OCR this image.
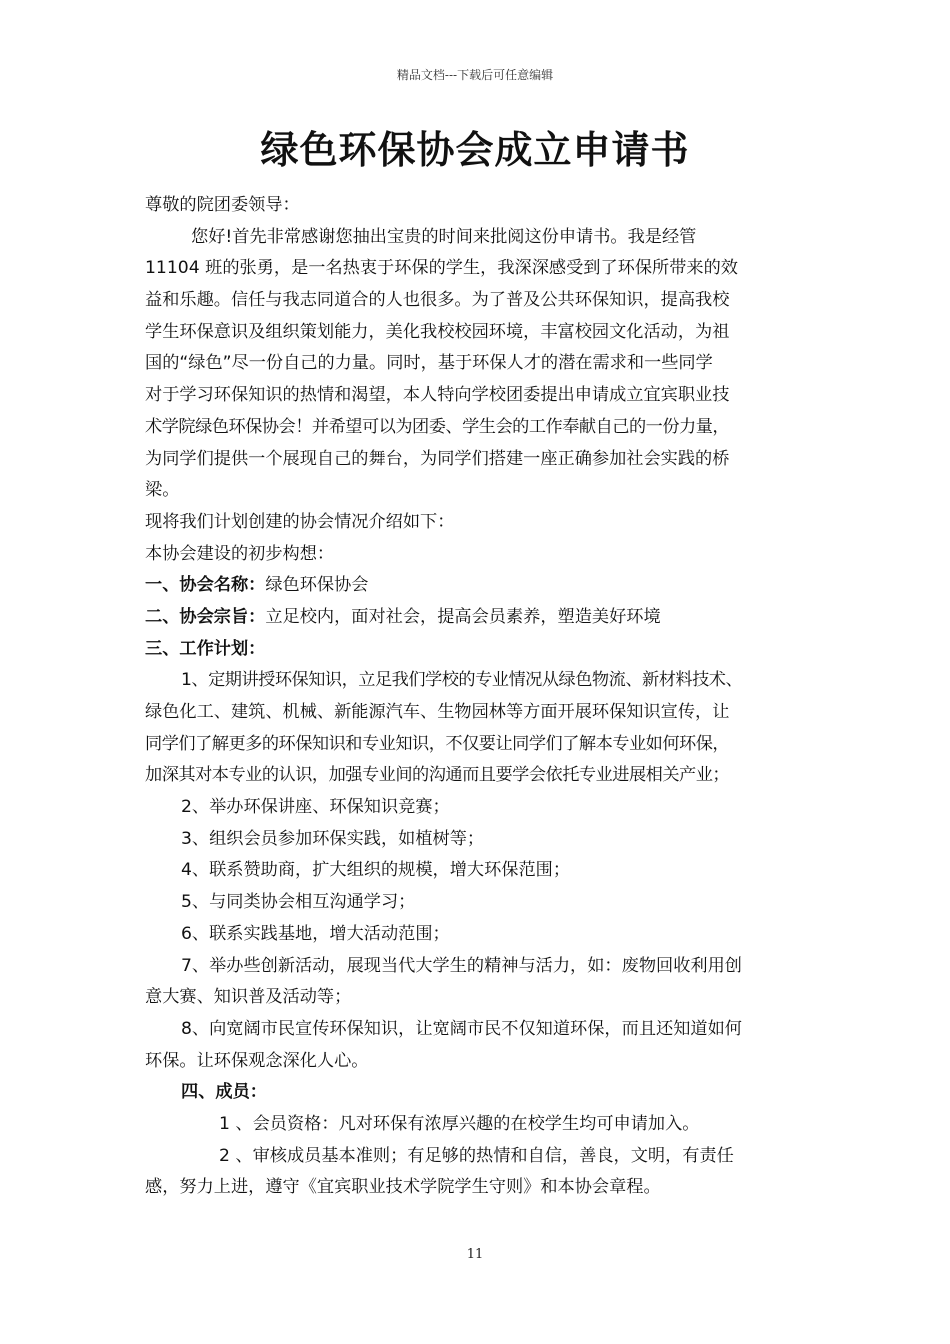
精品文档---下载后可任意编辑
绿色环保协会成立申请书
尊敬的院团委领导：
您好!首先非常感谢您抽出宝贵的时间来批阅这份申请书。我是经管
11104 班的张勇，是一名热衷于环保的学生，我深深感受到了环保所带来的效
益和乐趣。信任与我志同道合的人也很多。为了普及公共环保知识，提高我校
学生环保意识及组织策划能力，美化我校校园环境，丰富校园文化活动，为祖
国的“绿色”尽一份自己的力量。同时，基于环保人才的潜在需求和一些同学
对于学习环保知识的热情和渴望，本人特向学校团委提出申请成立宜宾职业技
术学院绿色环保协会！并希望可以为团委、学生会的工作奉献自己的一份力量，
为同学们提供一个展现自己的舞台，为同学们搭建一座正确参加社会实践的桥
梁。
现将我们计划创建的协会情况介绍如下：
本协会建设的初步构想：
一、协会名称：绿色环保协会
二、协会宗旨：立足校内，面对社会，提高会员素养，塑造美好环境
三、工作计划：
1、定期讲授环保知识，立足我们学校的专业情况从绿色物流、新材料技术、
绿色化工、建筑、机械、新能源汽车、生物园林等方面开展环保知识宣传，让
同学们了解更多的环保知识和专业知识，不仅要让同学们了解本专业如何环保，
加深其对本专业的认识，加强专业间的沟通而且要学会依托专业进展相关产业；
2、举办环保讲座、环保知识竞赛；
3、组织会员参加环保实践，如植树等；
4、联系赞助商，扩大组织的规模，增大环保范围；
5、与同类协会相互沟通学习；
6、联系实践基地，增大活动范围；
7、举办些创新活动，展现当代大学生的精神与活力，如：废物回收利用创
意大赛、知识普及活动等；
8、向宽阔市民宣传环保知识，让宽阔市民不仅知道环保，而且还知道如何
环保。让环保观念深化人心。
四、成员：
1 、会员资格：凡对环保有浓厚兴趣的在校学生均可申请加入。
2 、审核成员基本准则；有足够的热情和自信，善良，文明，有责任
感，努力上进，遵守《宜宾职业技术学院学生守则》和本协会章程。
11
